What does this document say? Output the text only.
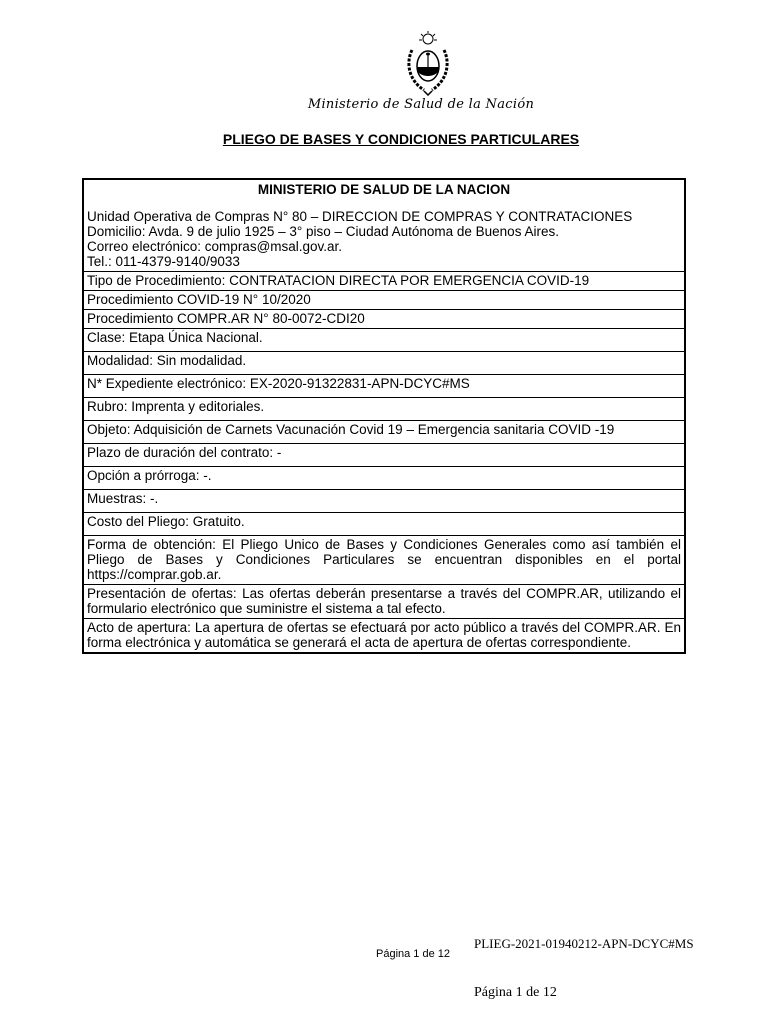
Ministerio de Salud de la Nación
PLIEGO DE BASES Y CONDICIONES PARTICULARES
MINISTERIO DE SALUD DE LA NACION
Unidad Operativa de Compras N° 80 – DIRECCION DE COMPRAS Y CONTRATACIONES
Domicilio: Avda. 9 de julio 1925 – 3° piso – Ciudad Autónoma de Buenos Aires.
Correo electrónico: compras@msal.gov.ar.
Tel.: 011-4379-9140/9033

Tipo de Procedimiento: CONTRATACION DIRECTA POR EMERGENCIA COVID-19
Procedimiento COVID-19 N° 10/2020
Procedimiento COMPR.AR N° 80-0072-CDI20
Clase: Etapa Única Nacional.
Modalidad: Sin modalidad.
N* Expediente electrónico: EX-2020-91322831-APN-DCYC#MS
Rubro: Imprenta y editoriales.
Objeto: Adquisición de Carnets Vacunación Covid 19 – Emergencia sanitaria COVID -19
Plazo de duración del contrato: -
Opción a prórroga: -.
Muestras: -.
Costo del Pliego: Gratuito.
Forma de obtención: El Pliego Unico de Bases y Condiciones Generales como así también el Pliego de Bases y Condiciones Particulares se encuentran disponibles en el portal https://comprar.gob.ar.
Presentación de ofertas: Las ofertas deberán presentarse a través del COMPR.AR, utilizando el formulario electrónico que suministre el sistema a tal efecto.
Acto de apertura: La apertura de ofertas se efectuará por acto público a través del COMPR.AR. En forma electrónica y automática se generará el acta de apertura de ofertas correspondiente.
PLIEG-2021-01940212-APN-DCYC#MS
Página 1 de 12
Página 1 de 12
